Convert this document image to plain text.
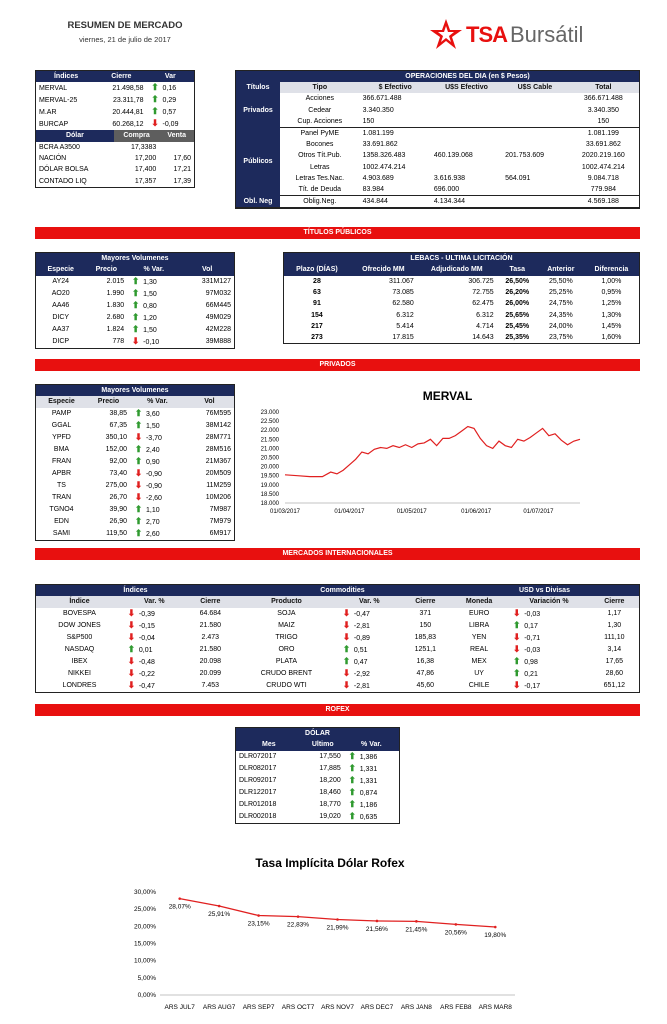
RESUMEN DE MERCADO
viernes, 21 de julio de 2017	TSA Bursátil
Índices	Cierre	Var
MERVAL	21.498,58	⬆ 0,16
MERVAL-25	23.311,78	⬆ 0,29
M.AR	20.444,81	⬆ 0,57
BURCAP	60.268,12	⬇ -0,09
Dólar	Compra	Venta
BCRA A3500	17,3383	
NACIÓN	17,200	17,60
DÓLAR BOLSA	17,400	17,21
CONTADO LIQ	17,357	17,39
OPERACIONES DEL DIA (en $ Pesos)
Títulos	Tipo	$ Efectivo	U$S Efectivo	U$S Cable	Total
Privados	Acciones	366.671.488			366.671.488
	Cedear	3.340.350			3.340.350
	Cup. Acciones	150			150
Públicos	Panel PyME	1.081.199			1.081.199
	Bocones	33.691.862			33.691.862
	Otros Tít.Pub.	1358.326.483	460.139.068	201.753.609	2020.219.160
	Letras	1002.474.214			1002.474.214
	Letras Tes.Nac.	4.903.689	3.616.938	564.091	9.084.718
	Tít. de Deuda	83.984	696.000		779.984
Obl. Neg	Oblig.Neg.	434.844	4.134.344		4.569.188
TÍTULOS PÚBLICOS
Mayores Volumenes			
Especie	Precio	% Var.	Vol
AY24	2.015	⬆ 1,30	331M127
AO20	1.990	⬆ 1,50	97M032
AA46	1.830	⬆ 0,80	66M445
DICY	2.680	⬆ 1,20	49M029
AA37	1.824	⬆ 1,50	42M228
DICP	778	⬇ -0,10	39M888
LEBACS - ULTIMA LICITACIÓN					
Plazo (DÍAS)	Ofrecido MM	Adjudicado MM	Tasa	Anterior	Diferencia
28	311.067	306.725	26,50%	25,50%	1,00%
63	73.085	72.755	26,20%	25,25%	0,95%
91	62.580	62.475	26,00%	24,75%	1,25%
154	6.312	6.312	25,65%	24,35%	1,30%
217	5.414	4.714	25,45%	24,00%	1,45%
273	17.815	14.643	25,35%	23,75%	1,60%
PRIVADOS
Mayores Volumenes			
Especie	Precio	% Var.	Vol
PAMP	38,85	⬆ 3,60	76M595
GGAL	67,35	⬆ 1,50	38M142
YPFD	350,10	⬇ -3,70	28M771
BMA	152,00	⬆ 2,40	28M516
FRAN	92,00	⬆ 0,90	21M367
APBR	73,40	⬇ -0,90	20M509
TS	275,00	⬇ -0,90	11M259
TRAN	26,70	⬇ -2,60	10M206
TGNO4	39,90	⬆ 1,10	7M987
EDN	26,90	⬆ 2,70	7M979
SAMI	119,50	⬆ 2,60	6M917
MERVAL
18.000
18.500
19.000
19.500
20.000
20.500
21.000
21.500
22.000
22.500
23.000
01/03/2017	01/04/2017	01/05/2017	01/06/2017	01/07/2017
MERCADOS INTERNACIONALES
Índices			Commodities			USD vs Divisas		
Índice	Var. %	Cierre	Producto	Var. %	Cierre	Moneda	Variación %	Cierre
BOVESPA	⬇ -0,39	64.684	SOJA	⬇ -0,47	371	EURO	⬇ -0,03	1,17
DOW JONES	⬇ -0,15	21.580	MAIZ	⬇ -2,81	150	LIBRA	⬆ 0,17	1,30
S&P500	⬇ -0,04	2.473	TRIGO	⬇ -0,89	185,83	YEN	⬇ -0,71	111,10
NASDAQ	⬆ 0,01	21.580	ORO	⬆ 0,51	1251,1	REAL	⬇ -0,03	3,14
IBEX	⬇ -0,48	20.098	PLATA	⬆ 0,47	16,38	MEX	⬆ 0,98	17,65
NIKKEI	⬇ -0,22	20.099	CRUDO BRENT	⬇ -2,92	47,86	UY	⬆ 0,21	28,60
LONDRES	⬇ -0,47	7.453	CRUDO WTI	⬇ -2,81	45,60	CHILE	⬇ -0,17	651,12
ROFEX
DÓLAR		
Mes	Ultimo	% Var.
DLR072017	17,550	⬆ 1,386
DLR082017	17,885	⬆ 1,331
DLR092017	18,200	⬆ 1,331
DLR122017	18,460	⬆ 0,874
DLR012018	18,770	⬆ 1,186
DLR002018	19,020	⬆ 0,635
Tasa Implícita Dólar Rofex
0,00%
5,00%
10,00%
15,00%
20,00%
25,00%
30,00%
ARS JUL7 ARS AUG7 ARS SEP7 ARS OCT7 ARS NOV7 ARS DEC7 ARS JAN8 ARS FEB8 ARS MAR8
28,07%
25,91%
23,15%	22,83%	21,99%	21,56%	21,45%	20,56%	19,80%
